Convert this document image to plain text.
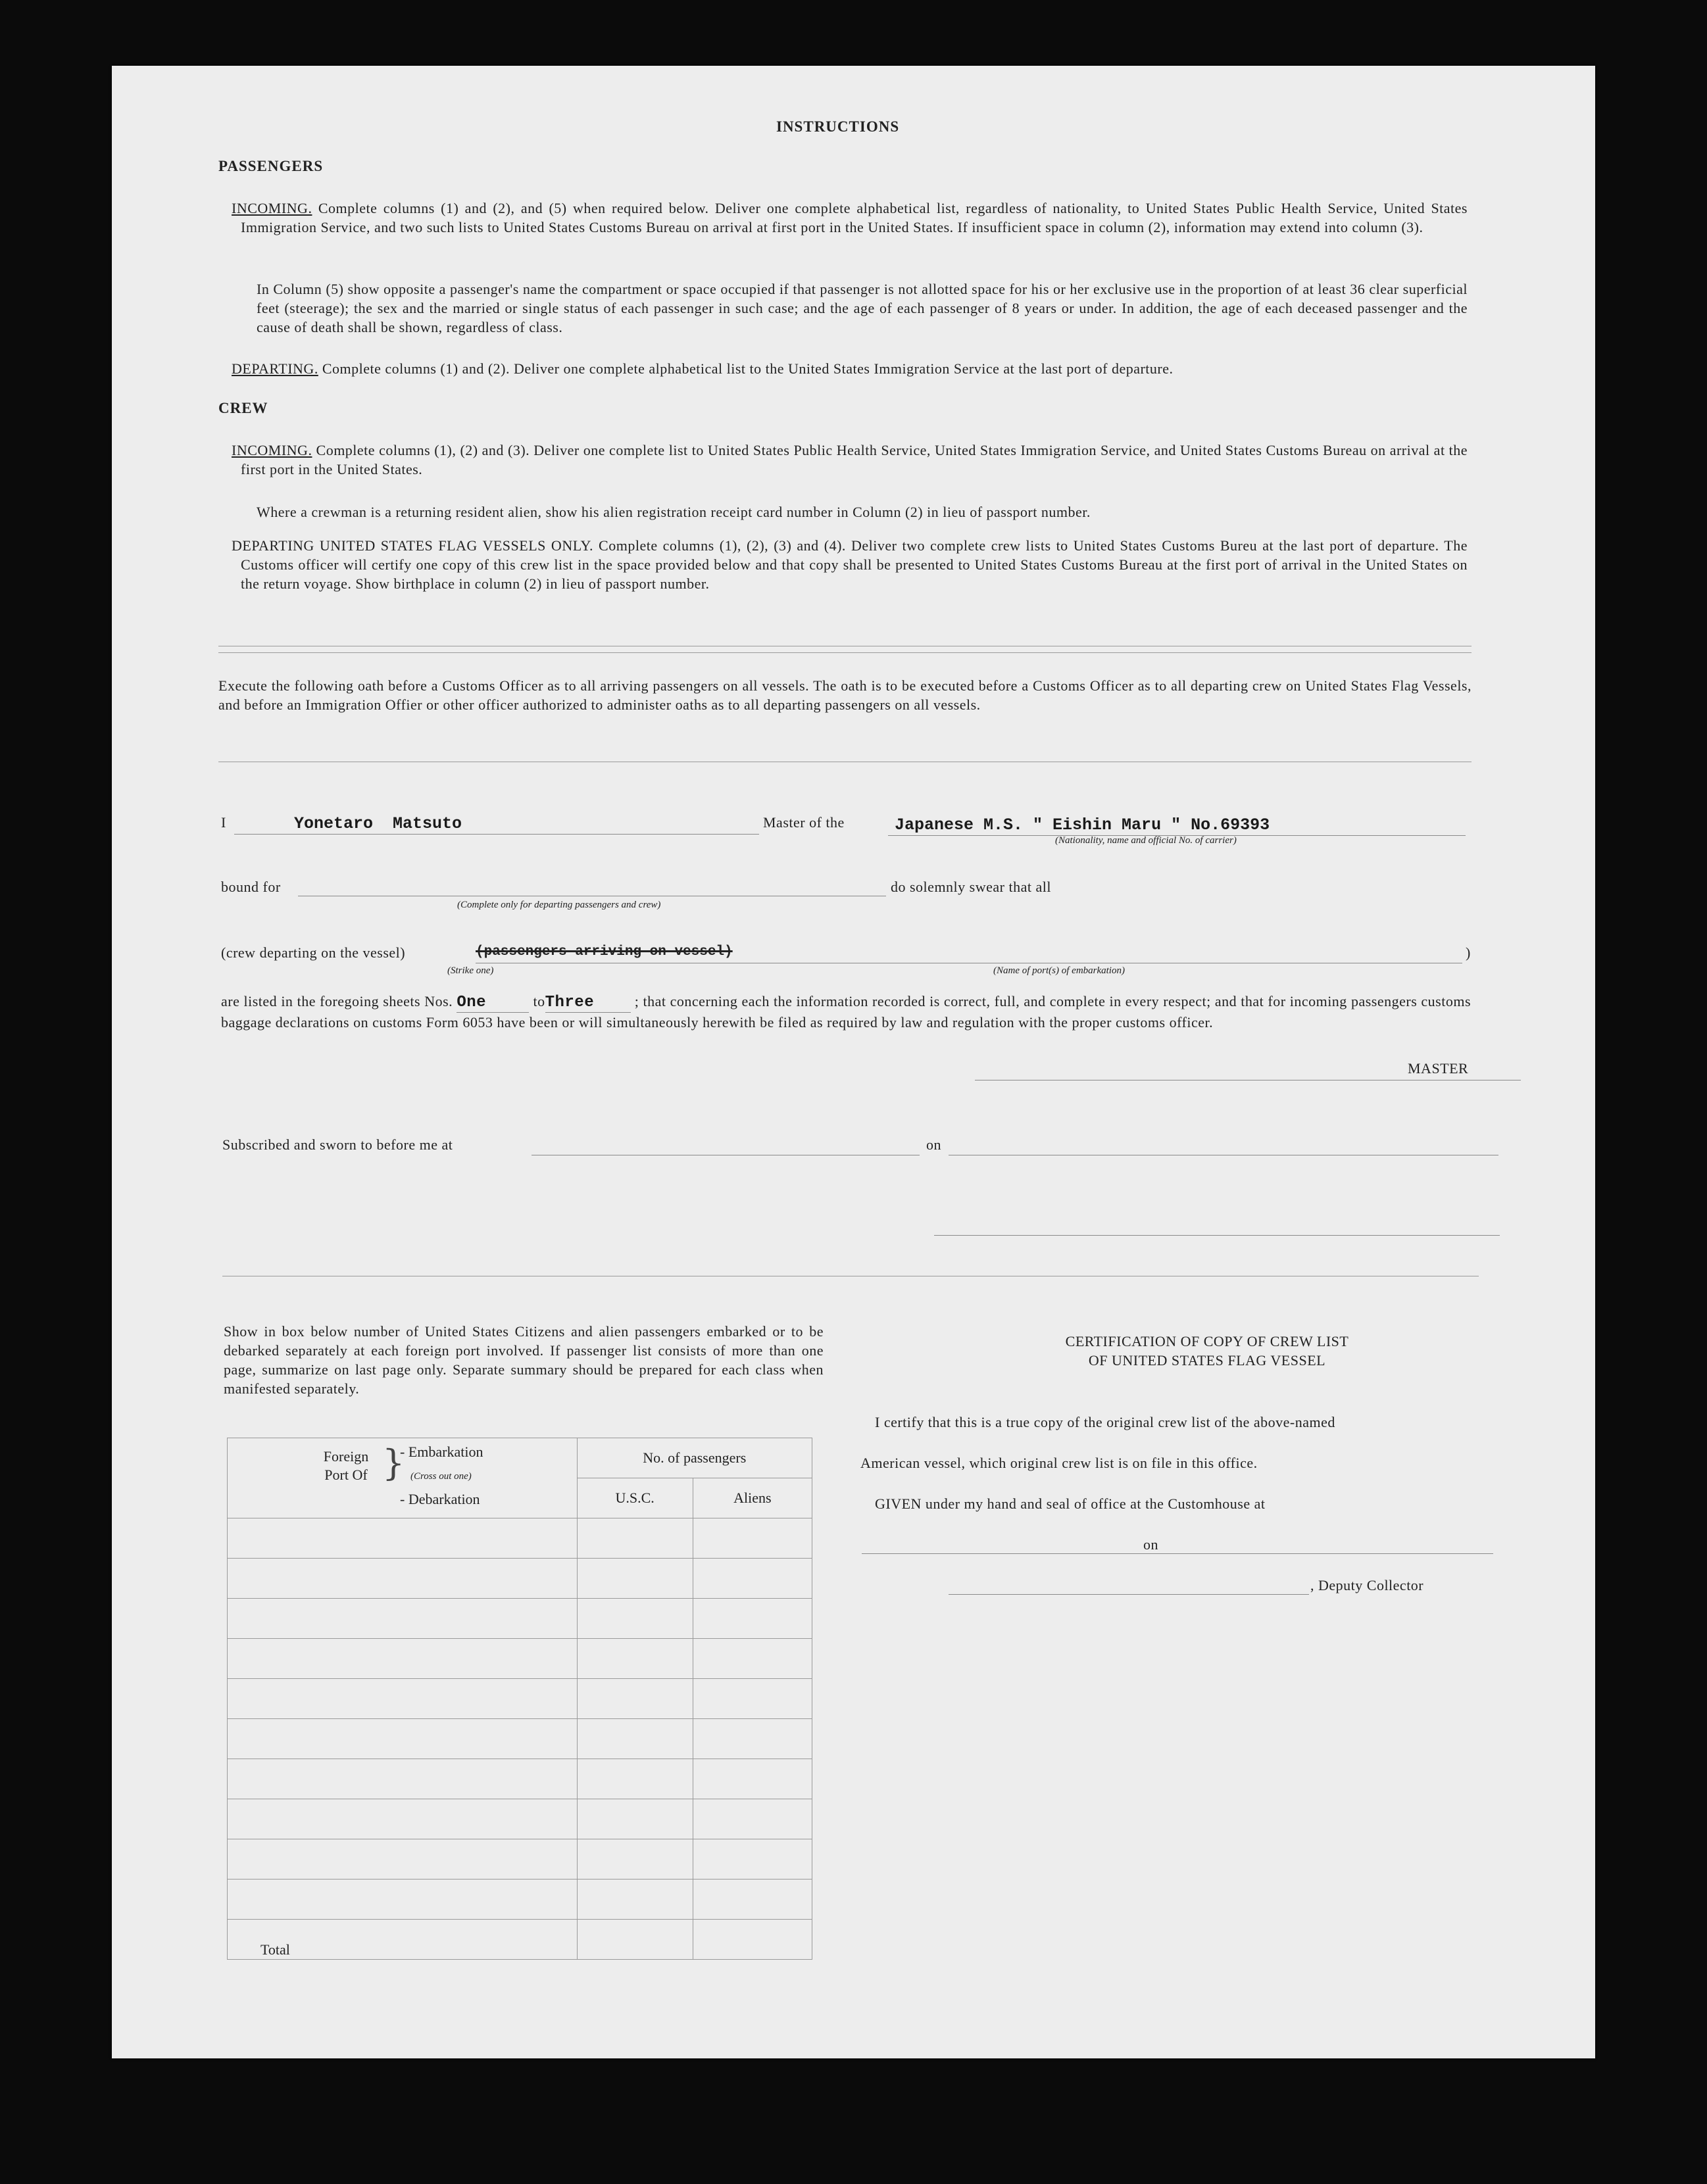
INSTRUCTIONS
PASSENGERS
INCOMING. Complete columns (1) and (2), and (5) when required below. Deliver one complete alphabetical list, regardless of nationality, to United States Public Health Service, United States Immigration Service, and two such lists to United States Customs Bureau on arrival at first port in the United States. If insufficient space in column (2), information may extend into column (3).
In Column (5) show opposite a passenger's name the compartment or space occupied if that passenger is not allotted space for his or her exclusive use in the proportion of at least 36 clear superficial feet (steerage); the sex and the married or single status of each passenger in such case; and the age of each passenger of 8 years or under. In addition, the age of each deceased passenger and the cause of death shall be shown, regardless of class.
DEPARTING. Complete columns (1) and (2). Deliver one complete alphabetical list to the United States Immigration Service at the last port of departure.
CREW
INCOMING. Complete columns (1), (2) and (3). Deliver one complete list to United States Public Health Service, United States Immigration Service, and United States Customs Bureau on arrival at the first port in the United States.
Where a crewman is a returning resident alien, show his alien registration receipt card number in Column (2) in lieu of passport number.
DEPARTING UNITED STATES FLAG VESSELS ONLY. Complete columns (1), (2), (3) and (4). Deliver two complete crew lists to United States Customs Bureu at the last port of departure. The Customs officer will certify one copy of this crew list in the space provided below and that copy shall be presented to United States Customs Bureau at the first port of arrival in the United States on the return voyage. Show birthplace in column (2) in lieu of passport number.
Execute the following oath before a Customs Officer as to all arriving passengers on all vessels. The oath is to be executed before a Customs Officer as to all departing crew on United States Flag Vessels, and before an Immigration Offier or other officer authorized to administer oaths as to all departing passengers on all vessels.
I	Yonetaro  Matsuto	Master of the	Japanese M.S. " Eishin Maru " No.69393
(Nationality, name and official No. of carrier)
bound for
(Complete only for departing passengers and crew)
do solemnly swear that all
(crew departing on the vessel)	(passengers arriving on vessel)	)
(Strike one)	(Name of port(s) of embarkation)
are listed in the foregoing sheets Nos. One	toThree	; that concerning each the information recorded is correct, full, and complete in every respect; and that for incoming passengers customs baggage declarations on customs Form 6053 have been or will simultaneously herewith be filed as required by law and regulation with the proper customs officer.
MASTER
Subscribed and sworn to before me at	on
Show in box below number of United States Citizens and alien passengers embarked or to be debarked separately at each foreign port involved. If passenger list consists of more than one page, summarize on last page only. Separate summary should be prepared for each class when manifested separately.
Foreign Port Of }
- Embarkation
(Cross out one)
- Debarkation	No. of passengers	
	U.S.C.	Aliens

Total		
CERTIFICATION OF COPY OF CREW LIST
OF UNITED STATES FLAG VESSEL
I certify that this is a true copy of the original crew list of the above-named
American vessel, which original crew list is on file in this office.
GIVEN under my hand and seal of office at the Customhouse at
on
, Deputy Collector
